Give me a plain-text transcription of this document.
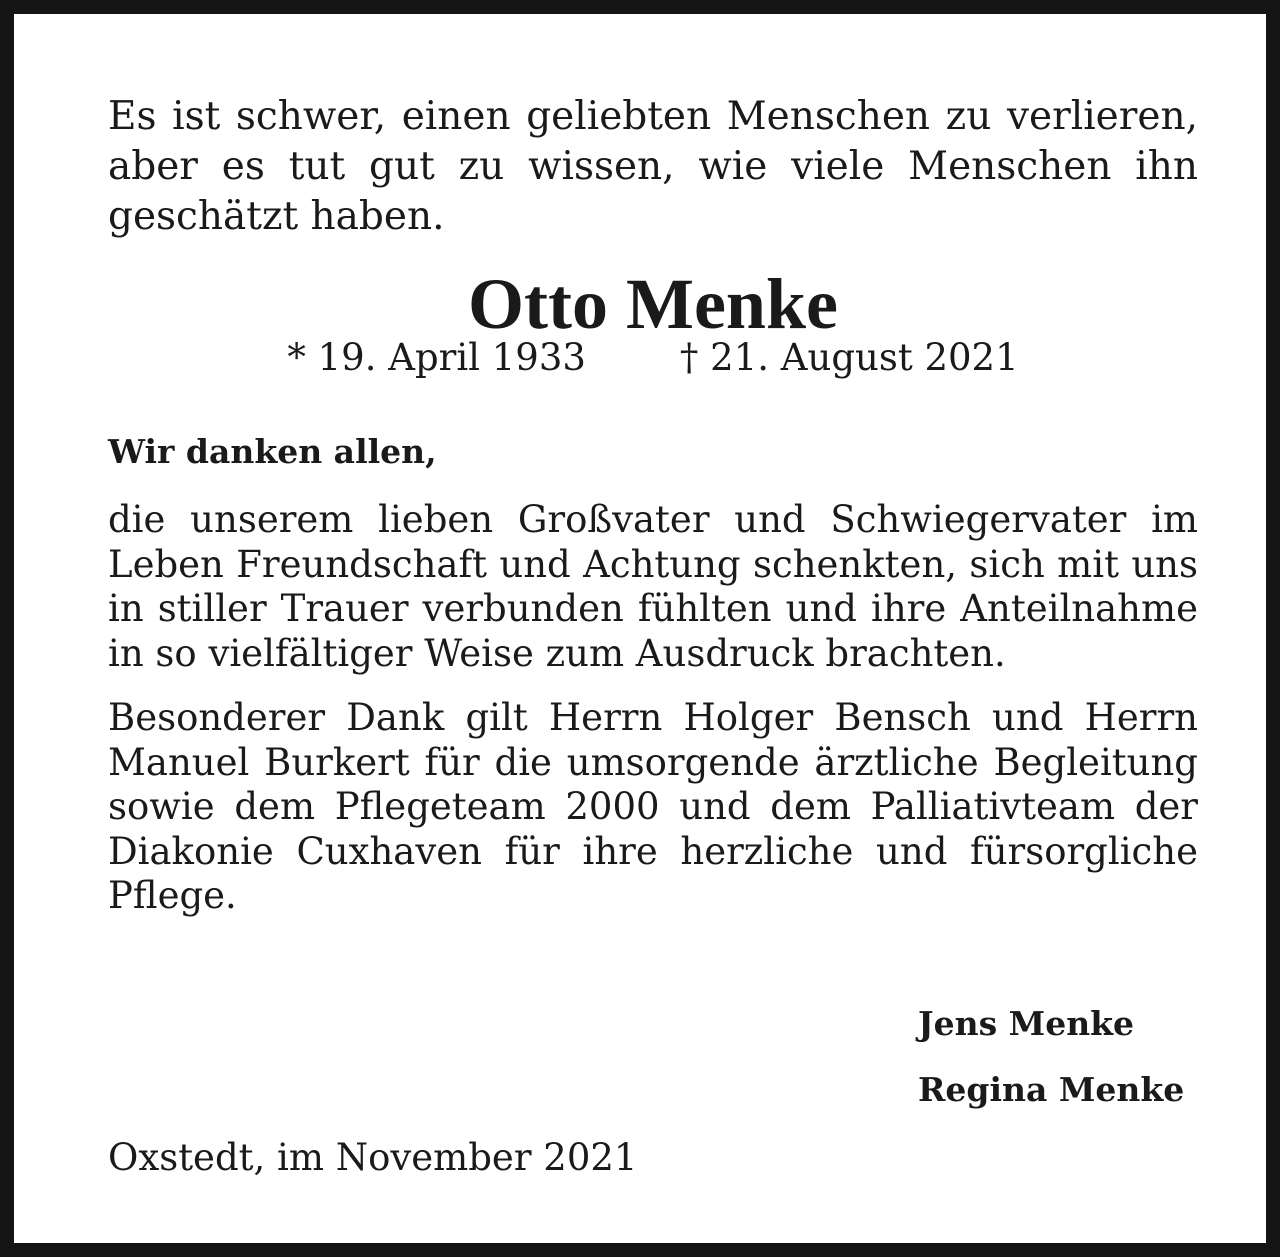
Es ist schwer, einen geliebten Menschen zu verlieren, aber es tut gut zu wissen, wie viele Menschen ihn geschätzt haben.

Otto Menke
* 19. April 1933	† 21. August 2021
Wir danken allen,

die unserem lieben Großvater und Schwiegervater im Leben Freundschaft und Achtung schenkten, sich mit uns in stiller Trauer verbunden fühlten und ihre Anteilnahme in so vielfältiger Weise zum Ausdruck brachten.

Besonderer Dank gilt Herrn Holger Bensch und Herrn Manuel Burkert für die umsorgende ärztliche Begleitung sowie dem Pflegeteam 2000 und dem Palliativteam der Diakonie Cuxhaven für ihre herzliche und fürsorgliche Pflege.

Jens Menke
Regina Menke
Oxstedt, im November 2021
